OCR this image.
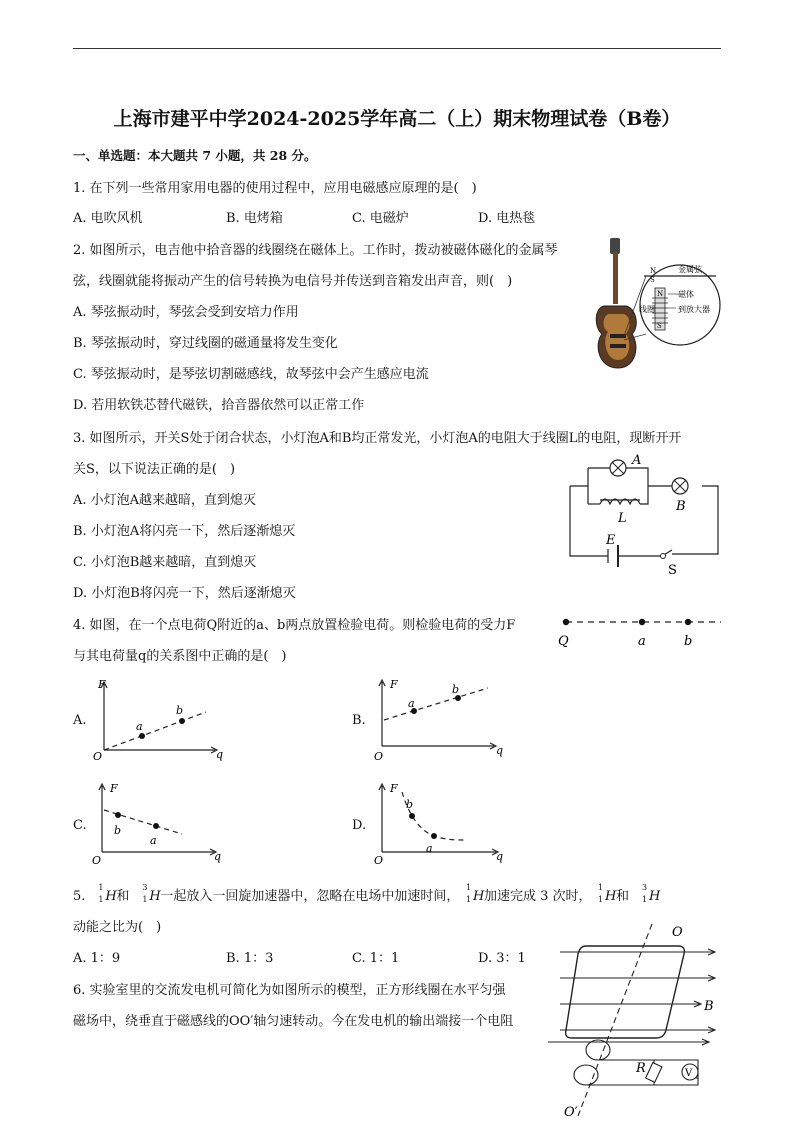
上海市建平中学2024-2025学年高二（上）期末物理试卷（B卷）
一、单选题：本大题共 7 小题，共 28 分。
1. 在下列一些常用家用电器的使用过程中，应用电磁感应原理的是(　)
A. 电吹风机	B. 电烤箱	C. 电磁炉	D. 电热毯
2. 如图所示，电吉他中拾音器的线圈绕在磁体上。工作时，拨动被磁体磁化的金属琴
弦，线圈就能将振动产生的信号转换为电信号并传送到音箱发出声音，则(　)
A. 琴弦振动时，琴弦会受到安培力作用
B. 琴弦振动时，穿过线圈的磁通量将发生变化
C. 琴弦振动时，是琴弦切割磁感线，故琴弦中会产生感应电流
D. 若用软铁芯替代磁铁，拾音器依然可以正常工作
N
S
金属弦
N
S
磁体
到放大器
线圈
3. 如图所示，开关S处于闭合状态，小灯泡A和B均正常发光，小灯泡A的电阻大于线圈L的电阻，现断开开
关S，以下说法正确的是(　)
A. 小灯泡A越来越暗，直到熄灭
B. 小灯泡A将闪亮一下，然后逐渐熄灭
C. 小灯泡B越来越暗，直到熄灭
D. 小灯泡B将闪亮一下，然后逐渐熄灭
A
B
L
E
S
4. 如图，在一个点电荷Q附近的a、b两点放置检验电荷。则检验电荷的受力F
与其电荷量q的关系图中正确的是(　)
Q	a	b
A.
F
q
O
a
b
B.
F
q
O
a
b
C.
F
q
O
a
b	D.
F
q
O
a
b
5.　
1
1 H和　
3
1 H一起放入一回旋加速器中，忽略在电场中加速时间，　
1
1 H加速完成 3 次时，　
1
1 H和　
3
1 H
动能之比为(　)
A. 1：9	B. 1：3	C. 1：1	D. 3：1
6. 实验室里的交流发电机可简化为如图所示的模型，正方形线圈在水平匀强
磁场中，绕垂直于磁感线的OO′轴匀速转动。今在发电机的输出端接一个电阻
V
O
B
R
O′
